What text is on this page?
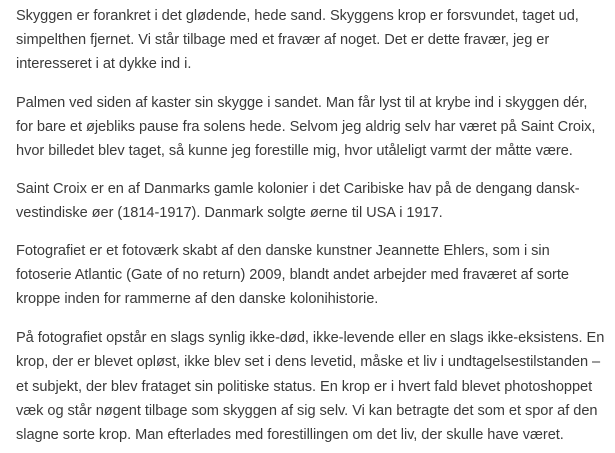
Skyggen er forankret i det glødende, hede sand. Skyggens krop er forsvundet, taget ud,
simpelthen fjernet. Vi står tilbage med et fravær af noget. Det er dette fravær, jeg er
interesseret i at dykke ind i.

Palmen ved siden af kaster sin skygge i sandet. Man får lyst til at krybe ind i skyggen dér,
for bare et øjebliks pause fra solens hede. Selvom jeg aldrig selv har været på Saint Croix,
hvor billedet blev taget, så kunne jeg forestille mig, hvor utåleligt varmt der måtte være.

Saint Croix er en af Danmarks gamle kolonier i det Caribiske hav på de dengang dansk-
vestindiske øer (1814-1917). Danmark solgte øerne til USA i 1917.

Fotografiet er et fotoværk skabt af den danske kunstner Jeannette Ehlers, som i sin
fotoserie Atlantic (Gate of no return) 2009, blandt andet arbejder med fraværet af sorte
kroppe inden for rammerne af den danske kolonihistorie.

På fotografiet opstår en slags synlig ikke-død, ikke-levende eller en slags ikke-eksistens. En
krop, der er blevet opløst, ikke blev set i dens levetid, måske et liv i undtagelsestilstanden –
et subjekt, der blev frataget sin politiske status. En krop er i hvert fald blevet photoshoppet
væk og står nøgent tilbage som skyggen af sig selv. Vi kan betragte det som et spor af den
slagne sorte krop. Man efterlades med forestillingen om det liv, der skulle have været.
